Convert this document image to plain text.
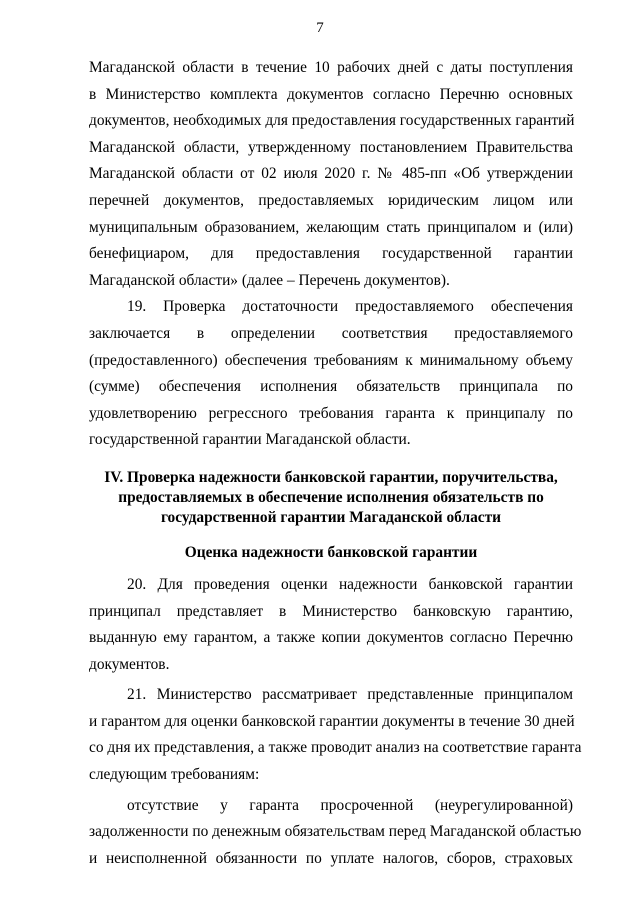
7
Магаданской области в течение 10 рабочих дней с даты поступления
в Министерство комплекта документов согласно Перечню основных
документов, необходимых для предоставления государственных гарантий
Магаданской области, утвержденному постановлением Правительства
Магаданской области от 02 июля 2020 г. № 485-пп «Об утверждении
перечней документов, предоставляемых юридическим лицом или
муниципальным образованием, желающим стать принципалом и (или)
бенефициаром, для предоставления государственной гарантии
Магаданской области» (далее – Перечень документов).
19. Проверка достаточности предоставляемого обеспечения
заключается в определении соответствия предоставляемого
(предоставленного) обеспечения требованиям к минимальному объему
(сумме) обеспечения исполнения обязательств принципала по
удовлетворению регрессного требования гаранта к принципалу по
государственной гарантии Магаданской области.
IV. Проверка надежности банковской гарантии, поручительства,
предоставляемых в обеспечение исполнения обязательств по
государственной гарантии Магаданской области
Оценка надежности банковской гарантии
20. Для проведения оценки надежности банковской гарантии
принципал представляет в Министерство банковскую гарантию,
выданную ему гарантом, а также копии документов согласно Перечню
документов.
21. Министерство рассматривает представленные принципалом
и гарантом для оценки банковской гарантии документы в течение 30 дней
со дня их представления, а также проводит анализ на соответствие гаранта
следующим требованиям:
отсутствие у гаранта просроченной (неурегулированной)
задолженности по денежным обязательствам перед Магаданской областью
и неисполненной обязанности по уплате налогов, сборов, страховых
